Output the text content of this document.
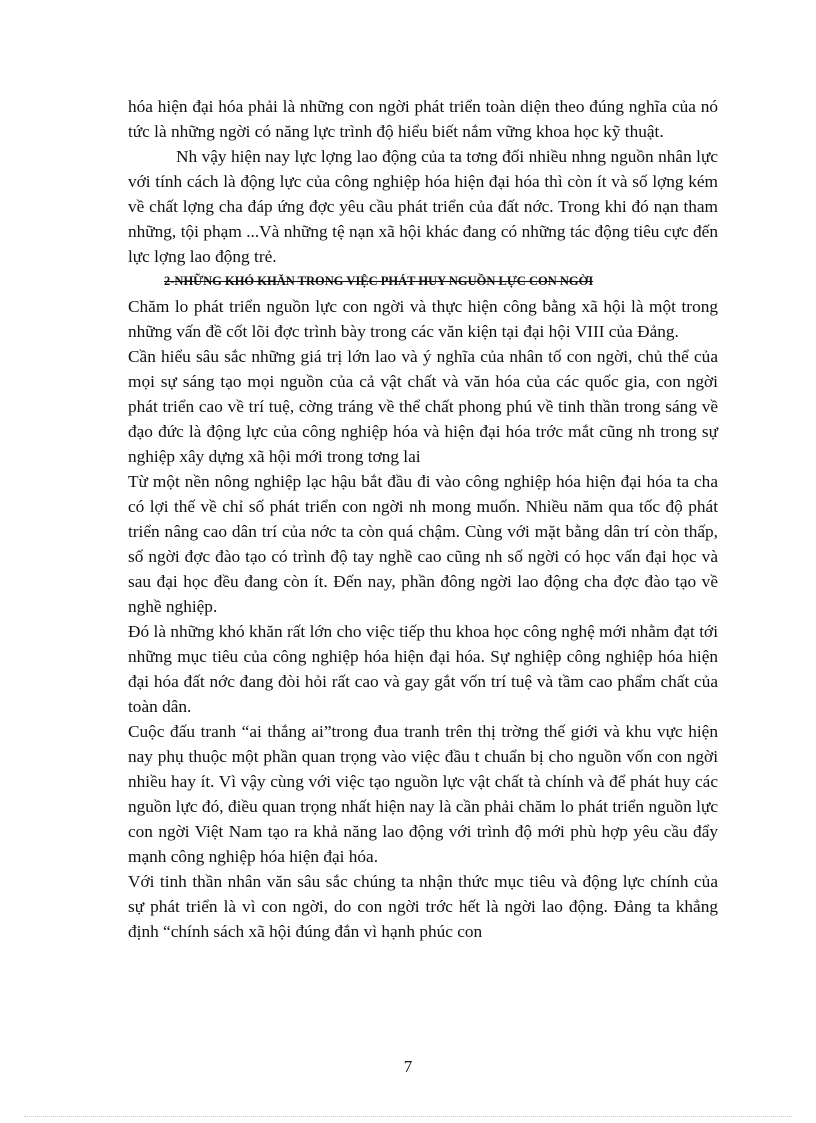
hóa hiện đại hóa phải là những con ngời phát triển toàn diện theo đúng nghĩa của nó tức là những ngời có năng lực trình độ hiểu biết nắm vững khoa học kỹ thuật.

Nh vậy hiện nay lực lợng lao động của ta tơng đối nhiều nhng nguồn nhân lực với tính cách là động lực của công nghiệp hóa hiện đại hóa thì còn ít và số lợng kém về chất lợng cha đáp ứng đợc yêu cầu phát triển của đất nớc. Trong khi đó nạn tham những, tội phạm ...Và những tệ nạn xã hội khác đang có những tác động tiêu cực đến lực lợng lao động trẻ.

2-NHỮNG KHÓ KHĂN TRONG VIỆC PHÁT HUY NGUỒN LỰC CON NGỜI

Chăm lo phát triển nguồn lực con ngời và thực hiện công bằng xã hội là một trong những vấn đề cốt lõi đợc trình bày trong các văn kiện tại đại hội VIII của Đảng.

Cần hiểu sâu sắc những giá trị lớn lao và ý nghĩa của nhân tố con ngời, chủ thể của mọi sự sáng tạo mọi nguồn của cả vật chất và văn hóa của các quốc gia, con ngời phát triển cao về trí tuệ, cờng tráng về thể chất phong phú về tinh thần trong sáng về đạo đức là động lực của công nghiệp hóa và hiện đại hóa trớc mắt cũng nh trong sự nghiệp xây dựng xã hội mới trong tơng lai

Từ một nền nông nghiệp lạc hậu bắt đầu đi vào công nghiệp hóa hiện đại hóa ta cha có lợi thế về chỉ số phát triển con ngời nh mong muốn. Nhiều năm qua tốc độ phát triển nâng cao dân trí của nớc ta còn quá chậm. Cùng với mặt bằng dân trí còn thấp, số ngời đợc đào tạo có trình độ tay nghề cao cũng nh số ngời có học vấn đại học và sau đại học đều đang còn ít. Đến nay, phần đông ngời lao động cha đợc đào tạo về nghề nghiệp.

Đó là những khó khăn rất lớn cho việc tiếp thu khoa học công nghệ mới nhằm đạt tới những mục tiêu của công nghiệp hóa hiện đại hóa. Sự nghiệp công nghiệp hóa hiện đại hóa đất nớc đang đòi hỏi rất cao và gay gắt vốn trí tuệ và tầm cao phẩm chất của toàn dân.

Cuộc đấu tranh “ai thắng ai”trong đua tranh trên thị trờng thế giới và khu vực hiện nay phụ thuộc một phần quan trọng vào việc đầu t chuẩn bị cho nguồn vốn con ngời nhiều hay ít. Vì vậy cùng với việc tạo nguồn lực vật chất tà chính và để phát huy các nguồn lực đó, điều quan trọng nhất hiện nay là cần phải chăm lo phát triển nguồn lực con ngời Việt Nam tạo ra khả năng lao động với trình độ mới phù hợp yêu cầu đẩy mạnh công nghiệp hóa hiện đại hóa.

Với tinh thần nhân văn sâu sắc chúng ta nhận thức mục tiêu và động lực chính của sự phát triển là vì con ngời, do con ngời trớc hết là ngời lao động. Đảng ta khẳng định “chính sách xã hội đúng đắn vì hạnh phúc con

7
